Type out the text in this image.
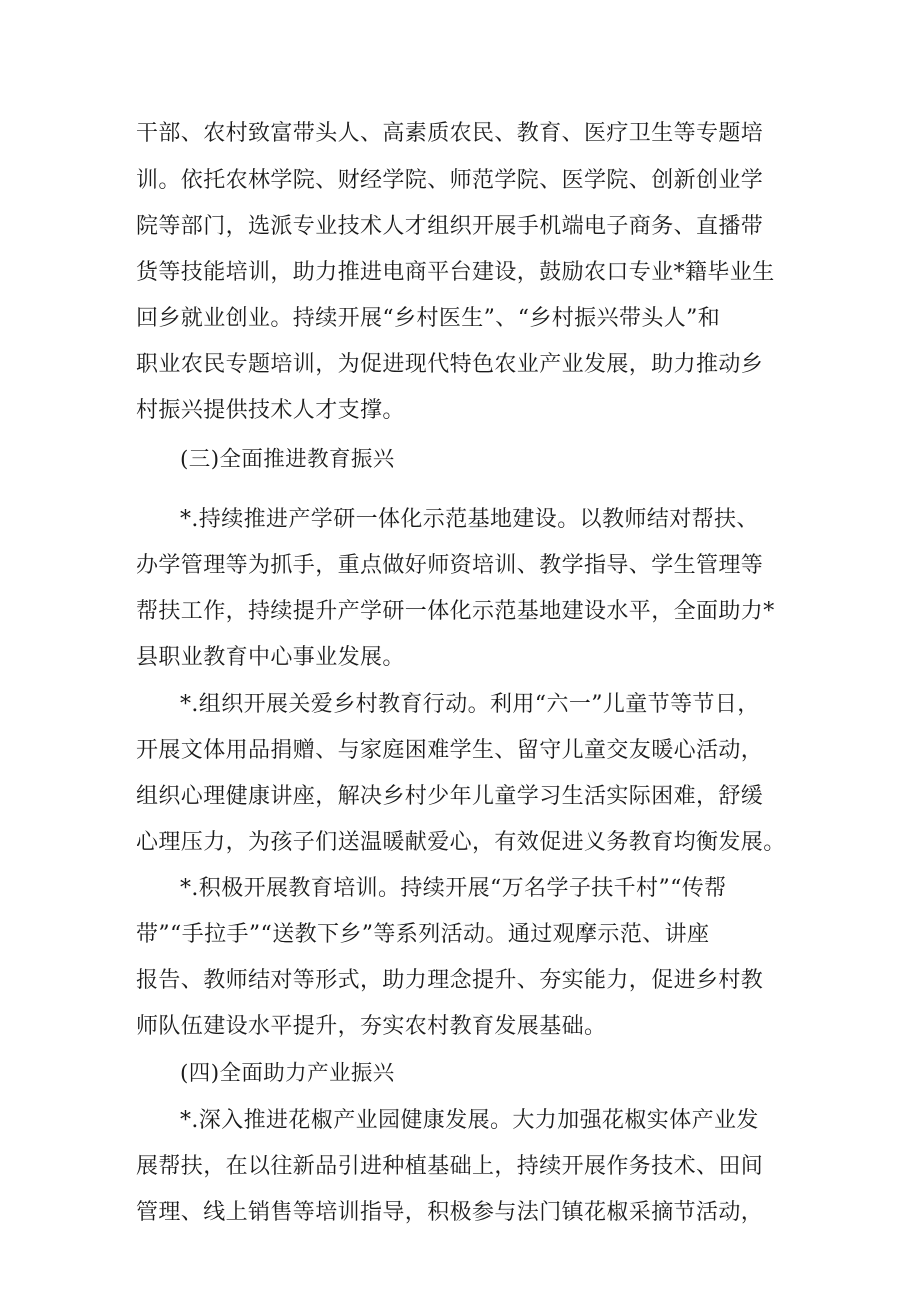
干部、农村致富带头人、高素质农民、教育、医疗卫生等专题培
训。依托农林学院、财经学院、师范学院、医学院、创新创业学
院等部门，选派专业技术人才组织开展手机端电子商务、直播带
货等技能培训，助力推进电商平台建设，鼓励农口专业*籍毕业生
回乡就业创业。持续开展“乡村医生”、“乡村振兴带头人”和
职业农民专题培训，为促进现代特色农业产业发展，助力推动乡
村振兴提供技术人才支撑。
(三)全面推进教育振兴
*.持续推进产学研一体化示范基地建设。以教师结对帮扶、
办学管理等为抓手，重点做好师资培训、教学指导、学生管理等
帮扶工作，持续提升产学研一体化示范基地建设水平，全面助力*
县职业教育中心事业发展。
*.组织开展关爱乡村教育行动。利用“六一”儿童节等节日，
开展文体用品捐赠、与家庭困难学生、留守儿童交友暖心活动，
组织心理健康讲座，解决乡村少年儿童学习生活实际困难，舒缓
心理压力，为孩子们送温暖献爱心，有效促进义务教育均衡发展。
*.积极开展教育培训。持续开展“万名学子扶千村”“传帮
带”“手拉手”“送教下乡”等系列活动。通过观摩示范、讲座
报告、教师结对等形式，助力理念提升、夯实能力，促进乡村教
师队伍建设水平提升，夯实农村教育发展基础。
(四)全面助力产业振兴
*.深入推进花椒产业园健康发展。大力加强花椒实体产业发
展帮扶，在以往新品引进种植基础上，持续开展作务技术、田间
管理、线上销售等培训指导，积极参与法门镇花椒采摘节活动，
